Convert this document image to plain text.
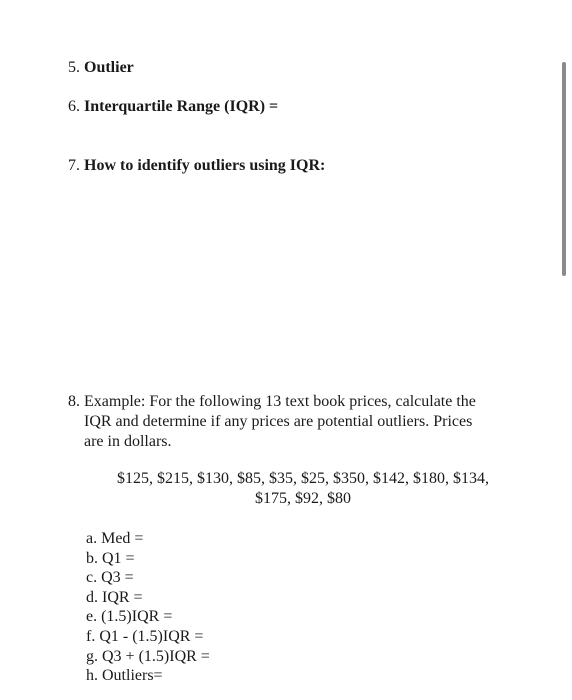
5. Outlier
6. Interquartile Range (IQR) =
7. How to identify outliers using IQR:
8. Example: For the following 13 text book prices, calculate the
IQR and determine if any prices are potential outliers. Prices
are in dollars.
$125, $215, $130, $85, $35, $25, $350, $142, $180, $134,
$175, $92, $80
a. Med =
b. Q1 =
c. Q3 =
d. IQR =
e. (1.5)IQR =
f. Q1 - (1.5)IQR =
g. Q3 + (1.5)IQR =
h. Outliers=
